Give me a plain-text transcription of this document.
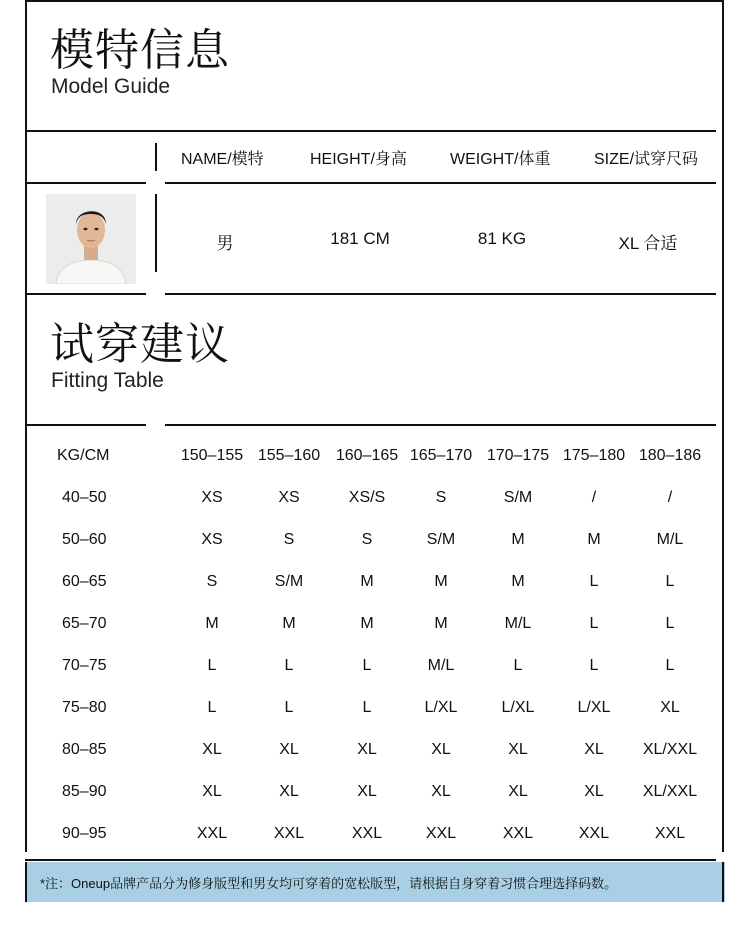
模特信息
Model Guide
NAME/模特	HEIGHT/身高	WEIGHT/体重	SIZE/试穿尺码
男	181 CM	81 KG	XL 合适
试穿建议
Fitting Table
KG/CM	150–155 155–160 160–165 165–170 170–175 175–180 180–186
40–50	XS	XS	XS/S	S	S/M	/	/
50–60	XS	S	S	S/M	M	M	M/L
60–65	S	S/M	M	M	M	L	L
65–70	M	M	M	M	M/L	L	L
70–75	L	L	L	M/L	L	L	L
75–80	L	L	L	L/XL	L/XL	L/XL	XL
80–85	XL	XL	XL	XL	XL	XL	XL/XXL
85–90	XL	XL	XL	XL	XL	XL	XL/XXL
90–95	XXL	XXL	XXL	XXL	XXL	XXL	XXL
*注：Oneup品牌产品分为修身版型和男女均可穿着的宽松版型，请根据自身穿着习惯合理选择码数。
